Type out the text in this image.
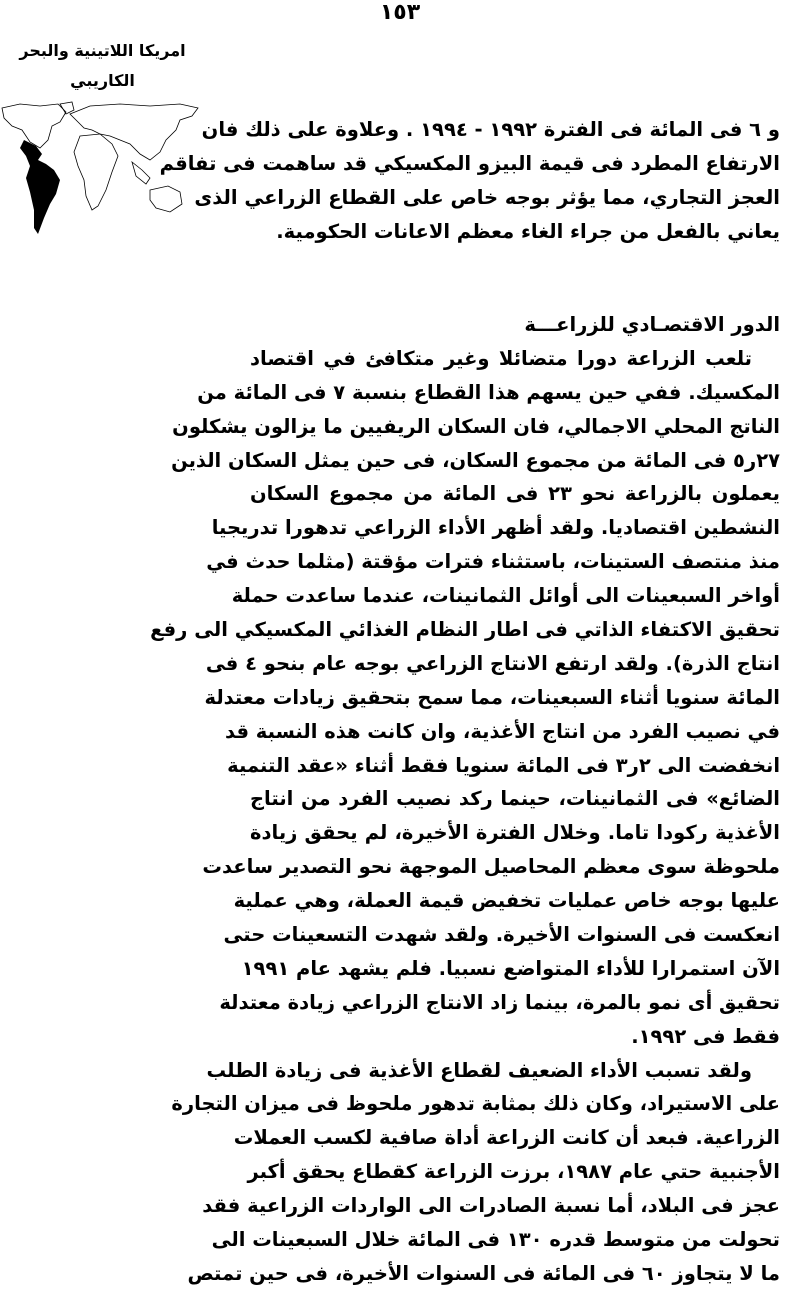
١٥٣
امريكا اللاتينية والبحر
الكاريبي
و ٦ فى المائة فى الفترة ١٩٩٢ - ١٩٩٤ . وعلاوة على ذلك فان
الارتفاع المطرد فى قيمة البيزو المكسيكي قد ساهمت فى تفاقم
العجز التجاري، مما يؤثر بوجه خاص على القطاع الزراعي الذى
يعاني بالفعل من جراء الغاء معظم الاعانات الحكومية.
الدور الاقتصـادي للزراعـــة
تلعب الزراعة دورا متضائلا وغير متكافئ في اقتصاد
المكسيك. ففي حين يسهم هذا القطاع بنسبة ٧ فى المائة من
الناتج المحلي الاجمالي، فان السكان الريفيين ما يزالون يشكلون
٢٧ر٥ فى المائة من مجموع السكان، فى حين يمثل السكان الذين
يعملون بالزراعة نحو ٢٣ فى المائة من مجموع السكان
النشطين اقتصاديا. ولقد أظهر الأداء الزراعي تدهورا تدريجيا
منذ منتصف الستينات، باستثناء فترات مؤقتة (مثلما حدث في
أواخر السبعينات الى أوائل الثمانينات، عندما ساعدت حملة
تحقيق الاكتفاء الذاتي فى اطار النظام الغذائي المكسيكي الى رفع
انتاج الذرة). ولقد ارتفع الانتاج الزراعي بوجه عام بنحو ٤ فى
المائة سنويا أثناء السبعينات، مما سمح بتحقيق زيادات معتدلة
في نصيب الفرد من انتاج الأغذية، وان كانت هذه النسبة قد
انخفضت الى ٢ر٣ فى المائة سنويا فقط أثناء «عقد التنمية
الضائع» فى الثمانينات، حينما ركد نصيب الفرد من انتاج
الأغذية ركودا تاما. وخلال الفترة الأخيرة، لم يحقق زيادة
ملحوظة سوى معظم المحاصيل الموجهة نحو التصدير ساعدت
عليها بوجه خاص عمليات تخفيض قيمة العملة، وهي عملية
انعكست فى السنوات الأخيرة. ولقد شهدت التسعينات حتى
الآن استمرارا للأداء المتواضع نسبيا. فلم يشهد عام ١٩٩١
تحقيق أى نمو بالمرة، بينما زاد الانتاج الزراعي زيادة معتدلة
فقط فى ١٩٩٢.
ولقد تسبب الأداء الضعيف لقطاع الأغذية فى زيادة الطلب
على الاستيراد، وكان ذلك بمثابة تدهور ملحوظ فى ميزان التجارة
الزراعية. فبعد أن كانت الزراعة أداة صافية لكسب العملات
الأجنبية حتي عام ١٩٨٧، برزت الزراعة كقطاع يحقق أكبر
عجز فى البلاد، أما نسبة الصادرات الى الواردات الزراعية فقد
تحولت من متوسط قدره ١٣٠ فى المائة خلال السبعينات الى
ما لا يتجاوز ٦٠ فى المائة فى السنوات الأخيرة، فى حين تمتص
